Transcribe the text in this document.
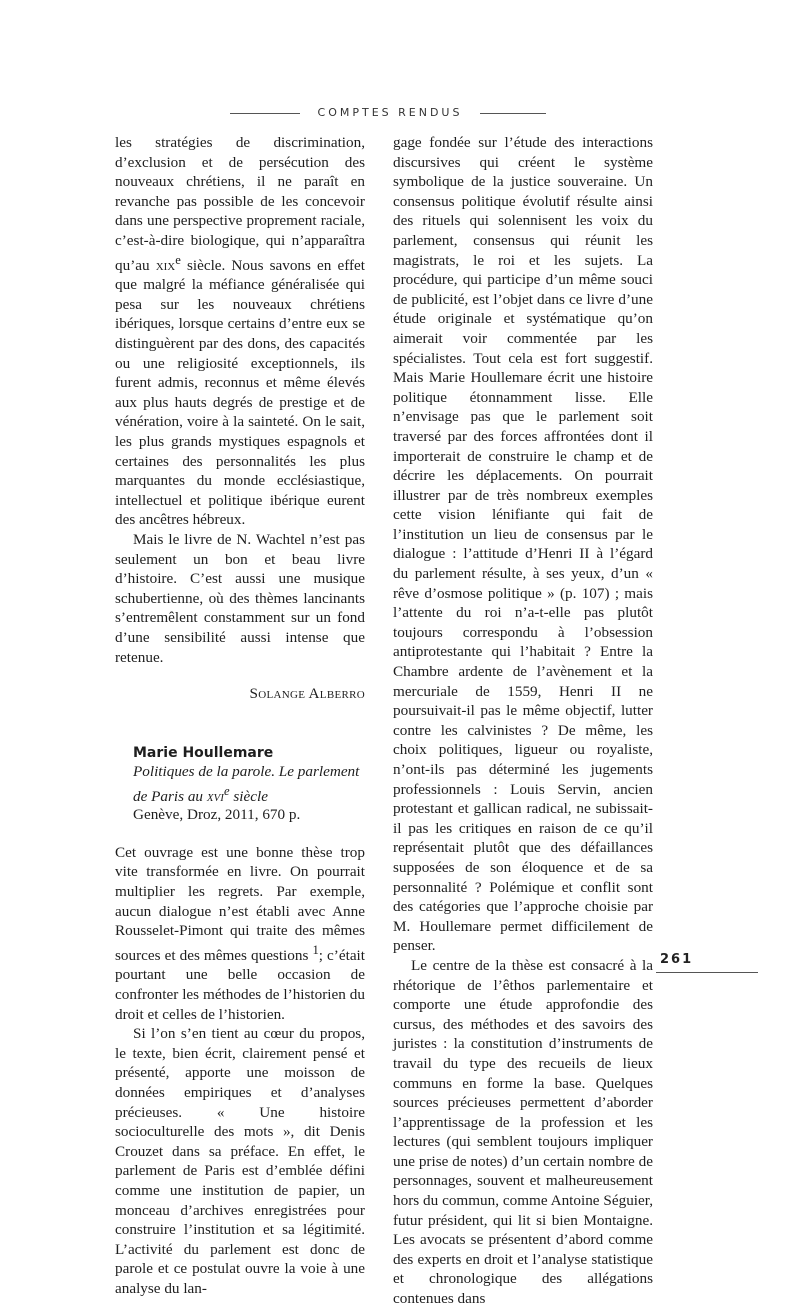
COMPTES RENDUS

les stratégies de discrimination, d’exclusion et de persécution des nouveaux chrétiens, il ne paraît en revanche pas possible de les concevoir dans une perspective proprement raciale, c’est-à-dire biologique, qui n’apparaîtra qu’au xix$^e$ siècle. Nous savons en effet que malgré la méfiance généralisée qui pesa sur les nouveaux chrétiens ibériques, lorsque certains d’entre eux se distinguèrent par des dons, des capacités ou une religiosité exceptionnels, ils furent admis, reconnus et même élevés aux plus hauts degrés de prestige et de vénération, voire à la sainteté. On le sait, les plus grands mystiques espagnols et certaines des personnalités les plus marquantes du monde ecclésiastique, intellectuel et politique ibérique eurent des ancêtres hébreux.

Mais le livre de N. Wachtel n’est pas seulement un bon et beau livre d’histoire. C’est aussi une musique schubertienne, où des thèmes lancinants s’entremêlent constamment sur un fond d’une sensibilité aussi intense que retenue.

Solange Alberro

Marie Houllemare
Politiques de la parole. Le parlement de Paris au xvi$^e$ siècle
Genève, Droz, 2011, 670 p.

Cet ouvrage est une bonne thèse trop vite transformée en livre. On pourrait multiplier les regrets. Par exemple, aucun dialogue n’est établi avec Anne Rousselet-Pimont qui traite des mêmes sources et des mêmes questions $^1$; c’était pourtant une belle occasion de confronter les méthodes de l’historien du droit et celles de l’historien.

Si l’on s’en tient au cœur du propos, le texte, bien écrit, clairement pensé et présenté, apporte une moisson de données empiriques et d’analyses précieuses. « Une histoire socioculturelle des mots », dit Denis Crouzet dans sa préface. En effet, le parlement de Paris est d’emblée défini comme une institution de papier, un monceau d’archives enregistrées pour construire l’institution et sa légitimité. L’activité du parlement est donc de parole et ce postulat ouvre la voie à une analyse du lan-

gage fondée sur l’étude des interactions discursives qui créent le système symbolique de la justice souveraine. Un consensus politique évolutif résulte ainsi des rituels qui solennisent les voix du parlement, consensus qui réunit les magistrats, le roi et les sujets. La procédure, qui participe d’un même souci de publicité, est l’objet dans ce livre d’une étude originale et systématique qu’on aimerait voir commentée par les spécialistes. Tout cela est fort suggestif. Mais Marie Houllemare écrit une histoire politique étonnamment lisse. Elle n’envisage pas que le parlement soit traversé par des forces affrontées dont il importerait de construire le champ et de décrire les déplacements. On pourrait illustrer par de très nombreux exemples cette vision lénifiante qui fait de l’institution un lieu de consensus par le dialogue : l’attitude d’Henri II à l’égard du parlement résulte, à ses yeux, d’un « rêve d’osmose politique » (p. 107) ; mais l’attente du roi n’a-t-elle pas plutôt toujours correspondu à l’obsession antiprotestante qui l’habitait ? Entre la Chambre ardente de l’avènement et la mercuriale de 1559, Henri II ne poursuivait-il pas le même objectif, lutter contre les calvinistes ? De même, les choix politiques, ligueur ou royaliste, n’ont-ils pas déterminé les jugements professionnels : Louis Servin, ancien protestant et gallican radical, ne subissait-il pas les critiques en raison de ce qu’il représentait plutôt que des défaillances supposées de son éloquence et de sa personnalité ? Polémique et conflit sont des catégories que l’approche choisie par M. Houllemare permet difficilement de penser.

Le centre de la thèse est consacré à la rhétorique de l’êthos parlementaire et comporte une étude approfondie des cursus, des méthodes et des savoirs des juristes : la constitution d’instruments de travail du type des recueils de lieux communs en forme la base. Quelques sources précieuses permettent d’aborder l’apprentissage de la profession et les lectures (qui semblent toujours impliquer une prise de notes) d’un certain nombre de personnages, souvent et malheureusement hors du commun, comme Antoine Séguier, futur président, qui lit si bien Montaigne. Les avocats se présentent d’abord comme des experts en droit et l’analyse statistique et chronologique des allégations contenues dans

261
